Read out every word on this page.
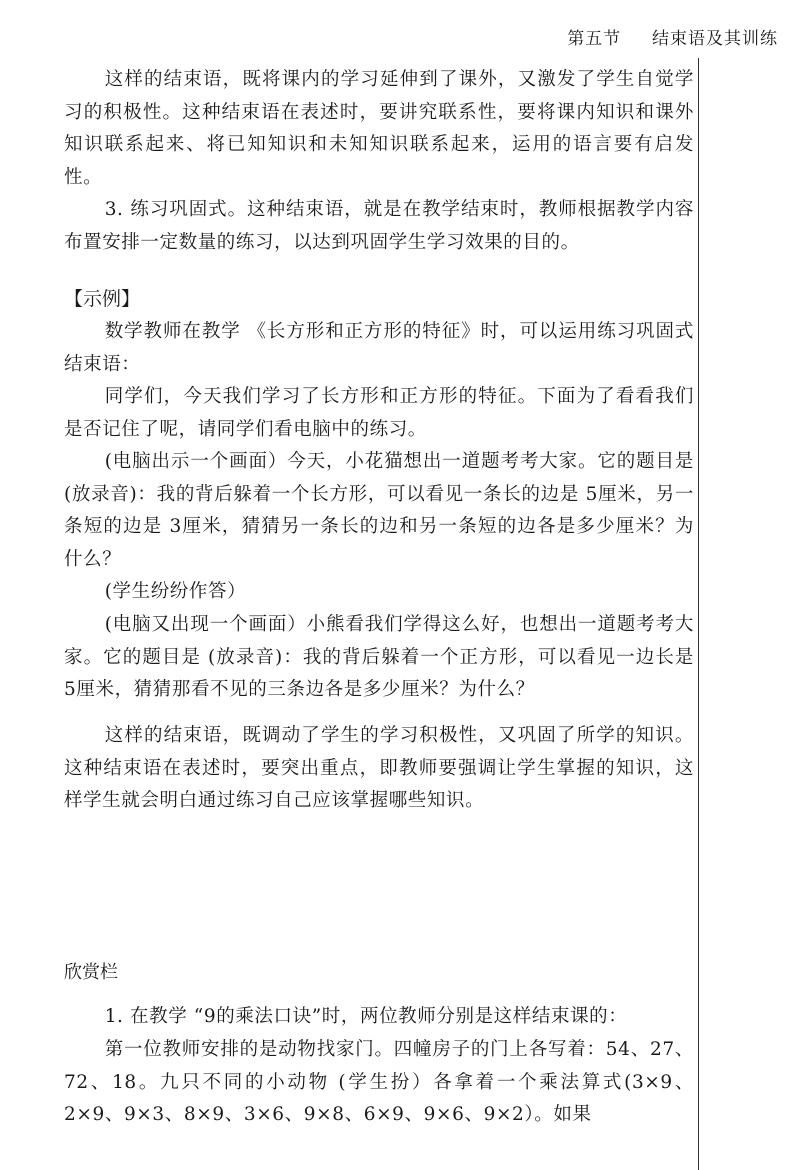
第五节 结束语及其训练

这样的结束语，既将课内的学习延伸到了课外，又激发了学生自觉学习的积极性。这种结束语在表述时，要讲究联系性，要将课内知识和课外知识联系起来、将已知知识和未知知识联系起来，运用的语言要有启发性。

3. 练习巩固式。这种结束语，就是在教学结束时，教师根据教学内容布置安排一定数量的练习，以达到巩固学生学习效果的目的。

【示例】

数学教师在教学 《长方形和正方形的特征》时，可以运用练习巩固式结束语：

同学们，今天我们学习了长方形和正方形的特征。下面为了看看我们是否记住了呢，请同学们看电脑中的练习。

(电脑出示一个画面）今天，小花猫想出一道题考考大家。它的题目是 (放录音)：我的背后躲着一个长方形，可以看见一条长的边是 5厘米，另一条短的边是 3厘米，猜猜另一条长的边和另一条短的边各是多少厘米？为什么？

(学生纷纷作答）

(电脑又出现一个画面）小熊看我们学得这么好，也想出一道题考考大家。它的题目是 (放录音)：我的背后躲着一个正方形，可以看见一边长是 5厘米，猜猜那看不见的三条边各是多少厘米？为什么？

这样的结束语，既调动了学生的学习积极性，又巩固了所学的知识。这种结束语在表述时，要突出重点，即教师要强调让学生掌握的知识，这样学生就会明白通过练习自己应该掌握哪些知识。

欣赏栏

1. 在教学 “9的乘法口诀”时，两位教师分别是这样结束课的：

第一位教师安排的是动物找家门。四幢房子的门上各写着：54、27、72、18。九只不同的小动物 (学生扮）各拿着一个乘法算式(3×9、2×9、9×3、8×9、3×6、9×8、6×9、9×6、9×2）。如果
